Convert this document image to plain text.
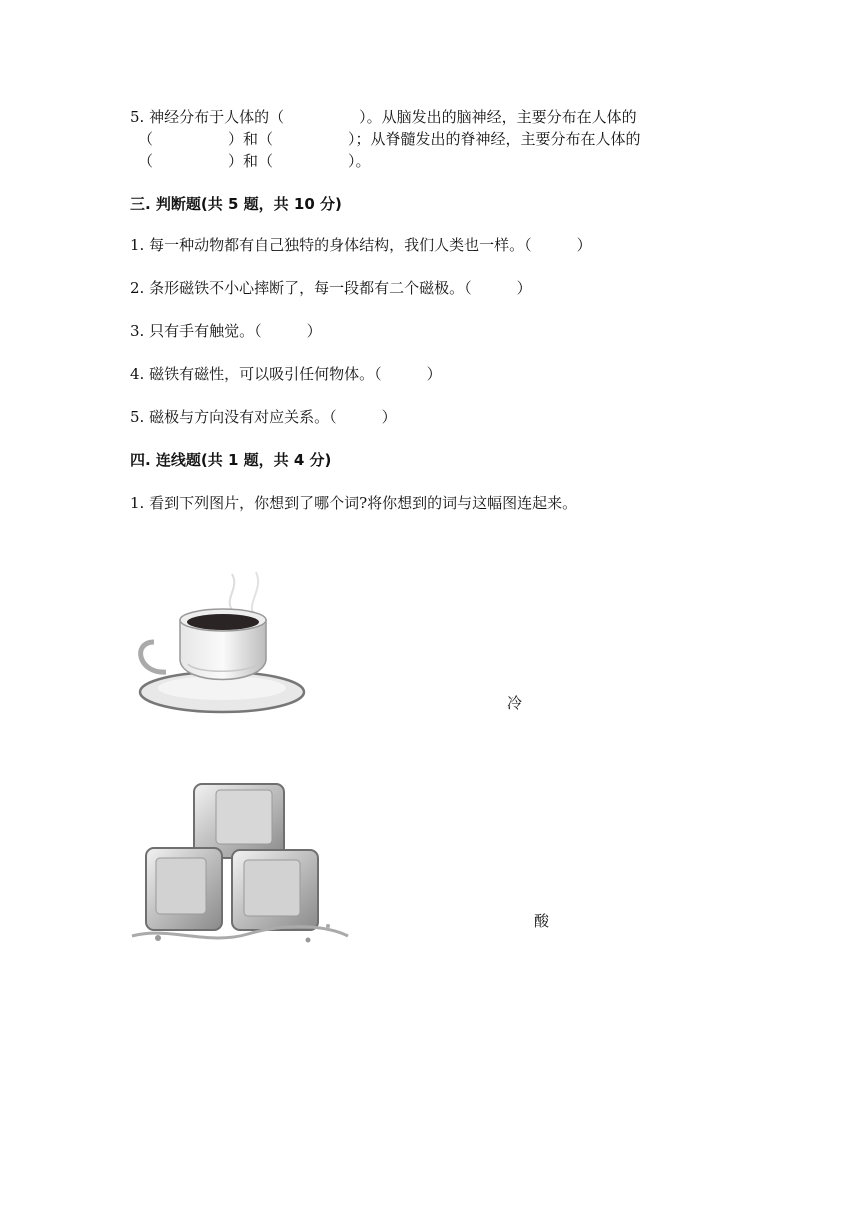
5. 神经分布于人体的（　　　　　）。从脑发出的脑神经，主要分布在人体的
（　　　　　）和（　　　　　）；从脊髓发出的脊神经，主要分布在人体的
（　　　　　）和（　　　　　）。
三. 判断题(共 5 题，共 10 分)
1. 每一种动物都有自己独特的身体结构，我们人类也一样。（　　　）
2. 条形磁铁不小心摔断了，每一段都有二个磁极。（　　　）
3. 只有手有触觉。（　　　）
4. 磁铁有磁性，可以吸引任何物体。（　　　）
5. 磁极与方向没有对应关系。（　　　）
四. 连线题(共 1 题，共 4 分)
1. 看到下列图片，你想到了哪个词?将你想到的词与这幅图连起来。
冷
酸
